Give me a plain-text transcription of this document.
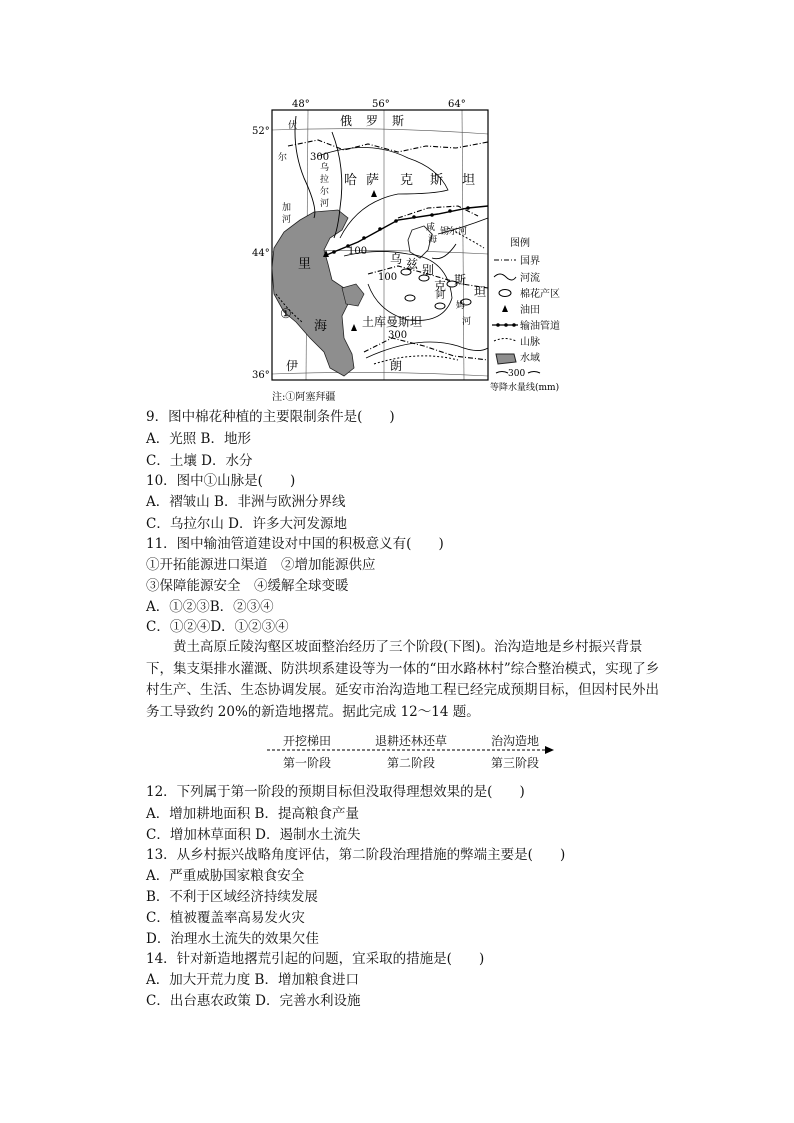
48°	56°	64°
52°
44°
36°
俄 罗 斯
哈 萨 克 斯 坦
乌 兹 别
克 斯
坦
土库曼斯坦
伊	朗
里
海
咸
海
伏
尔
加
河
乌
拉
尔
河
锡尔河
阿
姆
河
300
100
100
300
①
图例
国界
河流
棉花产区
油田
输油管道
山脉
水域
300
等降水量线(mm)
注:①阿塞拜疆
9．图中棉花种植的主要限制条件是(　　)
A．光照 B．地形
C．土壤 D．水分
10．图中①山脉是(　　)
A．褶皱山 B．非洲与欧洲分界线
C．乌拉尔山 D．许多大河发源地
11．图中输油管道建设对中国的积极意义有(　　)
①开拓能源进口渠道　②增加能源供应
③保障能源安全　④缓解全球变暖
A．①②③B．②③④
C．①②④D．①②③④
黄土高原丘陵沟壑区坡面整治经历了三个阶段(下图)。治沟造地是乡村振兴背景下，集支渠排水灌溉、防洪坝系建设等为一体的“田水路林村”综合整治模式，实现了乡村生产、生活、生态协调发展。延安市治沟造地工程已经完成预期目标，但因村民外出务工导致约 20%的新造地撂荒。据此完成 12～14 题。
开挖梯田	退耕还林还草	治沟造地
第一阶段	第二阶段	第三阶段
12．下列属于第一阶段的预期目标但没取得理想效果的是(　　)
A．增加耕地面积 B．提高粮食产量
C．增加林草面积 D．遏制水土流失
13．从乡村振兴战略角度评估，第二阶段治理措施的弊端主要是(　　)
A．严重威胁国家粮食安全
B．不利于区域经济持续发展
C．植被覆盖率高易发火灾
D．治理水土流失的效果欠佳
14．针对新造地撂荒引起的问题，宜采取的措施是(　　)
A．加大开荒力度 B．增加粮食进口
C．出台惠农政策 D．完善水利设施
